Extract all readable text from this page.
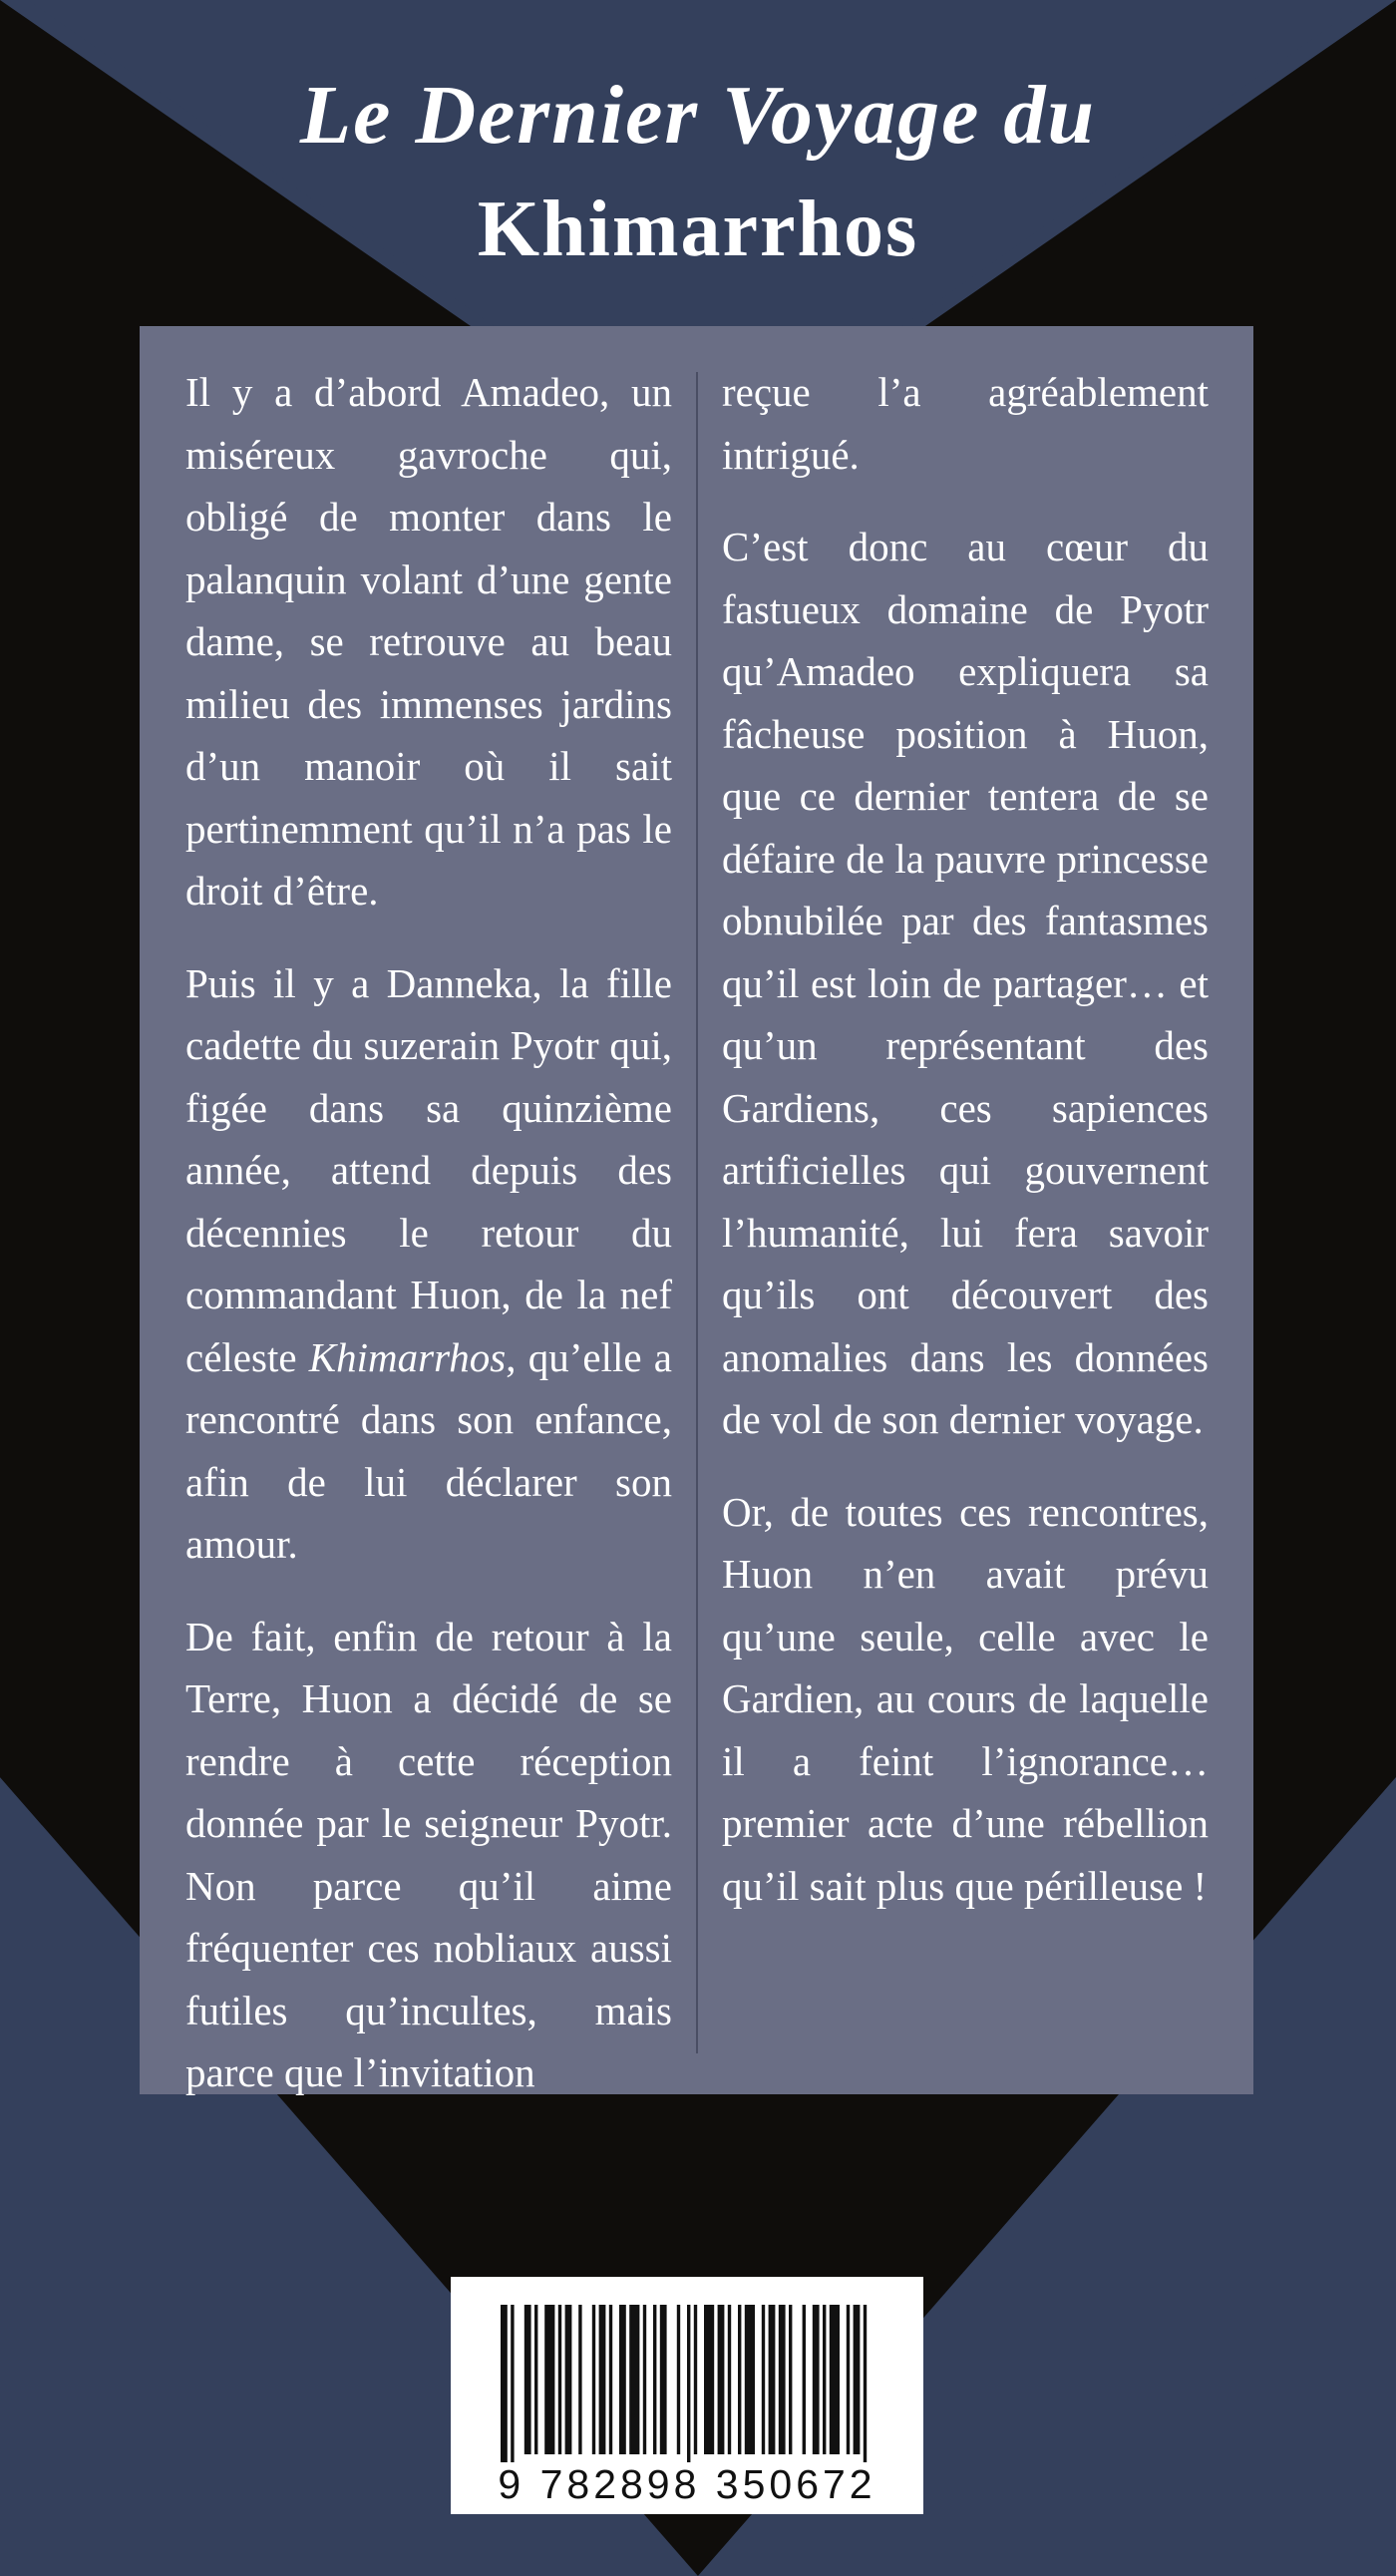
Le Dernier Voyage du
Khimarrhos

Il y a d’abord Amadeo, un miséreux gavroche qui, obligé de monter dans le palanquin volant d’une gente dame, se retrouve au beau milieu des immenses jardins d’un manoir où il sait pertinemment qu’il n’a pas le droit d’être.

Puis il y a Danneka, la fille cadette du suzerain Pyotr qui, figée dans sa quinzième année, attend depuis des décennies le retour du commandant Huon, de la nef céleste Khimarrhos, qu’elle a rencontré dans son enfance, afin de lui déclarer son amour.

De fait, enfin de retour à la Terre, Huon a décidé de se rendre à cette réception donnée par le seigneur Pyotr. Non parce qu’il aime fréquenter ces nobliaux aussi futiles qu’incultes, mais parce que l’invitation

reçue l’a agréablement intrigué.

C’est donc au cœur du fastueux domaine de Pyotr qu’Amadeo expliquera sa fâcheuse position à Huon, que ce dernier tentera de se défaire de la pauvre princesse obnubilée par des fantasmes qu’il est loin de partager… et qu’un représentant des Gardiens, ces sapiences artificielles qui gouvernent l’humanité, lui fera savoir qu’ils ont découvert des anomalies dans les données de vol de son dernier voyage.

Or, de toutes ces rencontres, Huon n’en avait prévu qu’une seule, celle avec le Gardien, au cours de laquelle il a feint l’ignorance… premier acte d’une rébellion qu’il sait plus que périlleuse !

9 782898 350672
